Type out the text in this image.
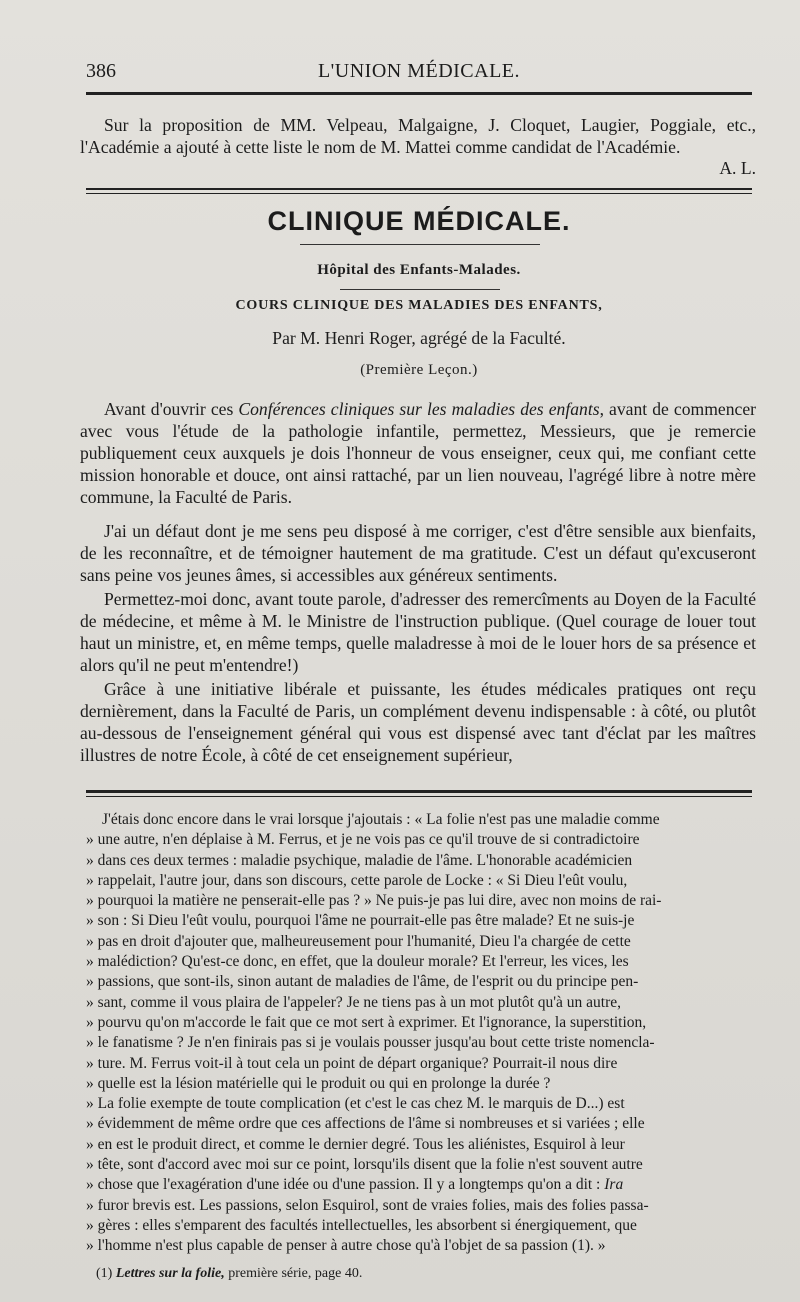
386	L'UNION MÉDICALE.

Sur la proposition de MM. Velpeau, Malgaigne, J. Cloquet, Laugier, Poggiale, etc., l'Académie a ajouté à cette liste le nom de M. Mattei comme candidat de l'Académie.

A. L.

CLINIQUE MÉDICALE.
Hôpital des Enfants-Malades.
COURS CLINIQUE DES MALADIES DES ENFANTS,
Par M. Henri Roger, agrégé de la Faculté.
(Première Leçon.)

Avant d'ouvrir ces Conférences cliniques sur les maladies des enfants, avant de commencer avec vous l'étude de la pathologie infantile, permettez, Messieurs, que je remercie publiquement ceux auxquels je dois l'honneur de vous enseigner, ceux qui, me confiant cette mission honorable et douce, ont ainsi rattaché, par un lien nouveau, l'agrégé libre à notre mère commune, la Faculté de Paris.

J'ai un défaut dont je me sens peu disposé à me corriger, c'est d'être sensible aux bienfaits, de les reconnaître, et de témoigner hautement de ma gratitude. C'est un défaut qu'excuseront sans peine vos jeunes âmes, si accessibles aux généreux sentiments.

Permettez-moi donc, avant toute parole, d'adresser des remercîments au Doyen de la Faculté de médecine, et même à M. le Ministre de l'instruction publique. (Quel courage de louer tout haut un ministre, et, en même temps, quelle maladresse à moi de le louer hors de sa présence et alors qu'il ne peut m'entendre!)

Grâce à une initiative libérale et puissante, les études médicales pratiques ont reçu dernièrement, dans la Faculté de Paris, un complément devenu indispensable : à côté, ou plutôt au-dessous de l'enseignement général qui vous est dispensé avec tant d'éclat par les maîtres illustres de notre École, à côté de cet enseignement supérieur,

J'étais donc encore dans le vrai lorsque j'ajoutais : « La folie n'est pas une maladie comme

» une autre, n'en déplaise à M. Ferrus, et je ne vois pas ce qu'il trouve de si contradictoire

» dans ces deux termes : maladie psychique, maladie de l'âme. L'honorable académicien

» rappelait, l'autre jour, dans son discours, cette parole de Locke : « Si Dieu l'eût voulu,

» pourquoi la matière ne penserait-elle pas ? » Ne puis-je pas lui dire, avec non moins de rai-

» son : Si Dieu l'eût voulu, pourquoi l'âme ne pourrait-elle pas être malade? Et ne suis-je

» pas en droit d'ajouter que, malheureusement pour l'humanité, Dieu l'a chargée de cette

» malédiction? Qu'est-ce donc, en effet, que la douleur morale? Et l'erreur, les vices, les

» passions, que sont-ils, sinon autant de maladies de l'âme, de l'esprit ou du principe pen-

» sant, comme il vous plaira de l'appeler? Je ne tiens pas à un mot plutôt qu'à un autre,

» pourvu qu'on m'accorde le fait que ce mot sert à exprimer. Et l'ignorance, la superstition,

» le fanatisme ? Je n'en finirais pas si je voulais pousser jusqu'au bout cette triste nomencla-

» ture. M. Ferrus voit-il à tout cela un point de départ organique? Pourrait-il nous dire

» quelle est la lésion matérielle qui le produit ou qui en prolonge la durée ?

» La folie exempte de toute complication (et c'est le cas chez M. le marquis de D...) est

» évidemment de même ordre que ces affections de l'âme si nombreuses et si variées ; elle

» en est le produit direct, et comme le dernier degré. Tous les aliénistes, Esquirol à leur

» tête, sont d'accord avec moi sur ce point, lorsqu'ils disent que la folie n'est souvent autre

» chose que l'exagération d'une idée ou d'une passion. Il y a longtemps qu'on a dit : Ira

» furor brevis est. Les passions, selon Esquirol, sont de vraies folies, mais des folies passa-

» gères : elles s'emparent des facultés intellectuelles, les absorbent si énergiquement, que

» l'homme n'est plus capable de penser à autre chose qu'à l'objet de sa passion (1). »

(1) Lettres sur la folie, première série, page 40.
